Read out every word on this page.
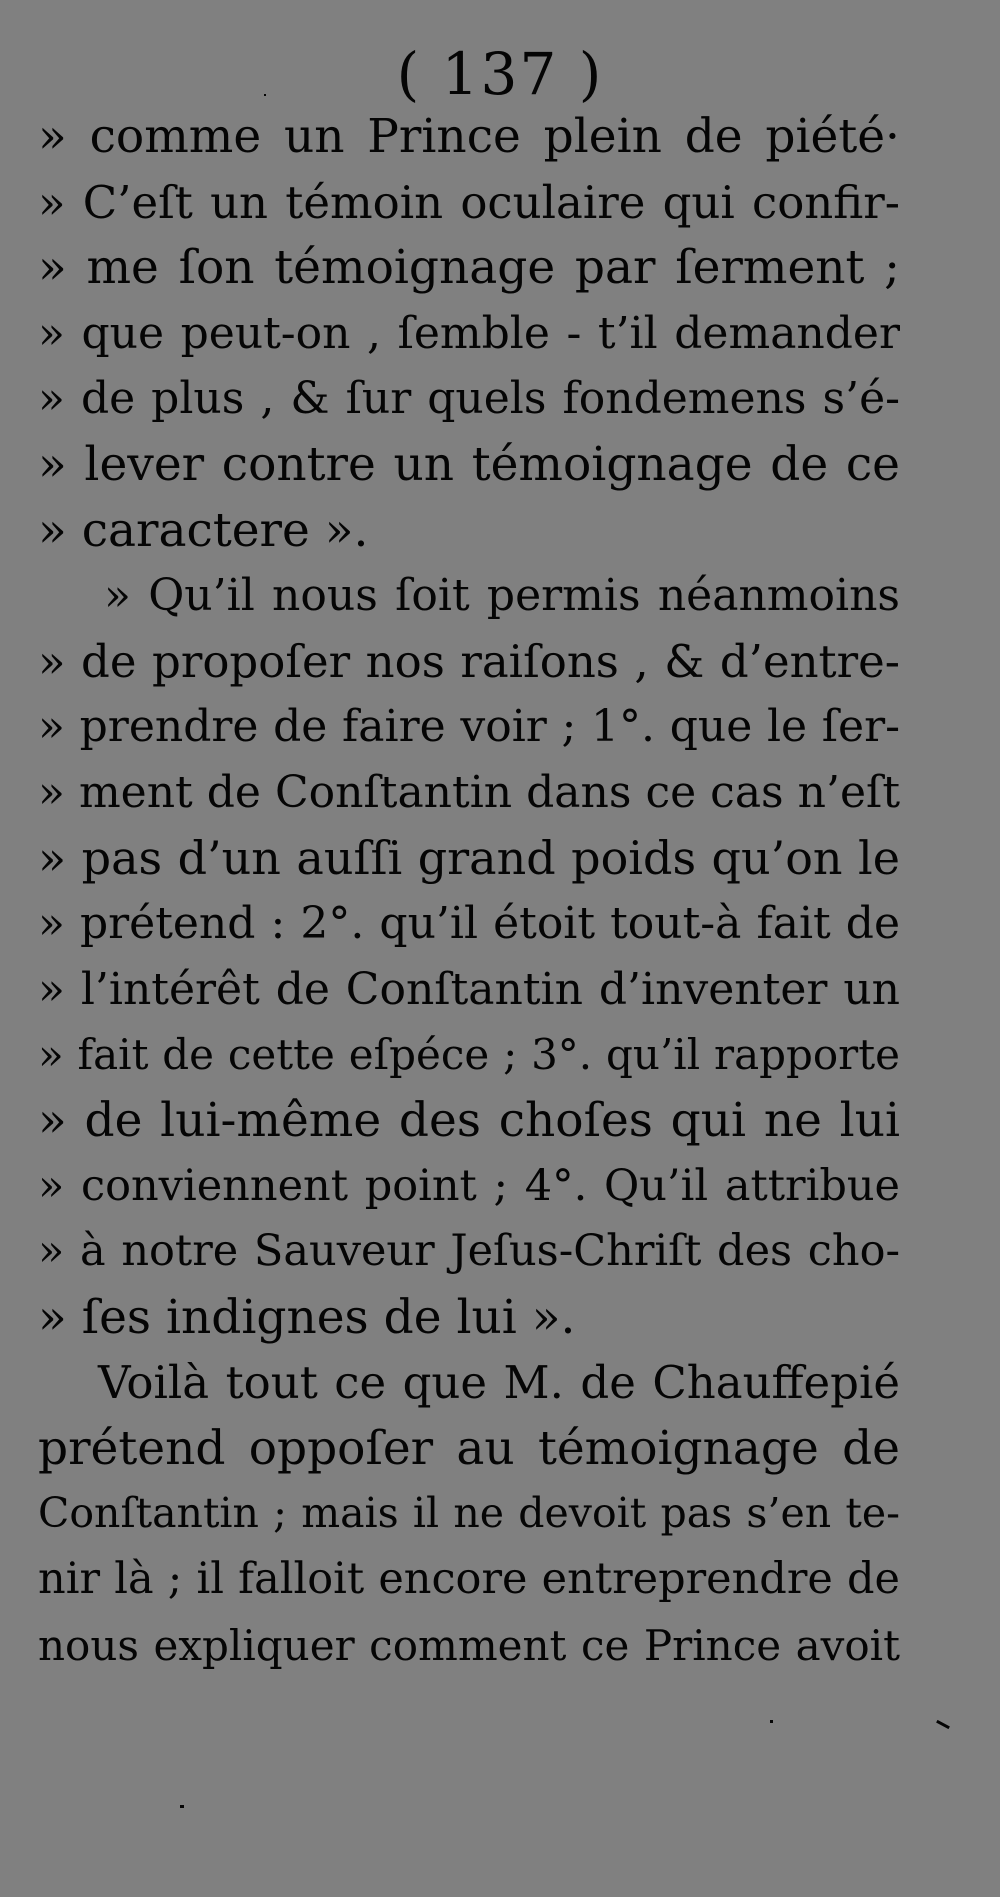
( 137 )
» comme un Prince plein de piété·
» C’eſt un témoin oculaire qui confir-
» me ſon témoignage par ſerment ;
» que peut-on , ſemble - t’il demander
» de plus , & ſur quels fondemens s’é-
» lever contre un témoignage de ce
» caractere ».
» Qu’il nous ſoit permis néanmoins
» de propoſer nos raiſons , & d’entre-
» prendre de faire voir ; 1°. que le ſer-
» ment de Conſtantin dans ce cas n’eſt
» pas d’un auſſi grand poids qu’on le
» prétend : 2°. qu’il étoit tout-à fait de
» l’intérêt de Conſtantin d’inventer un
» fait de cette eſpéce ; 3°. qu’il rapporte
» de lui-même des choſes qui ne lui
» conviennent point ; 4°. Qu’il attribue
» à notre Sauveur Jeſus-Chriſt des cho-
» ſes indignes de lui ».
Voilà tout ce que M. de Chauffepié
prétend oppoſer au témoignage de
Conſtantin ; mais il ne devoit pas s’en te-
nir là ; il falloit encore entreprendre de
nous expliquer comment ce Prince avoit
